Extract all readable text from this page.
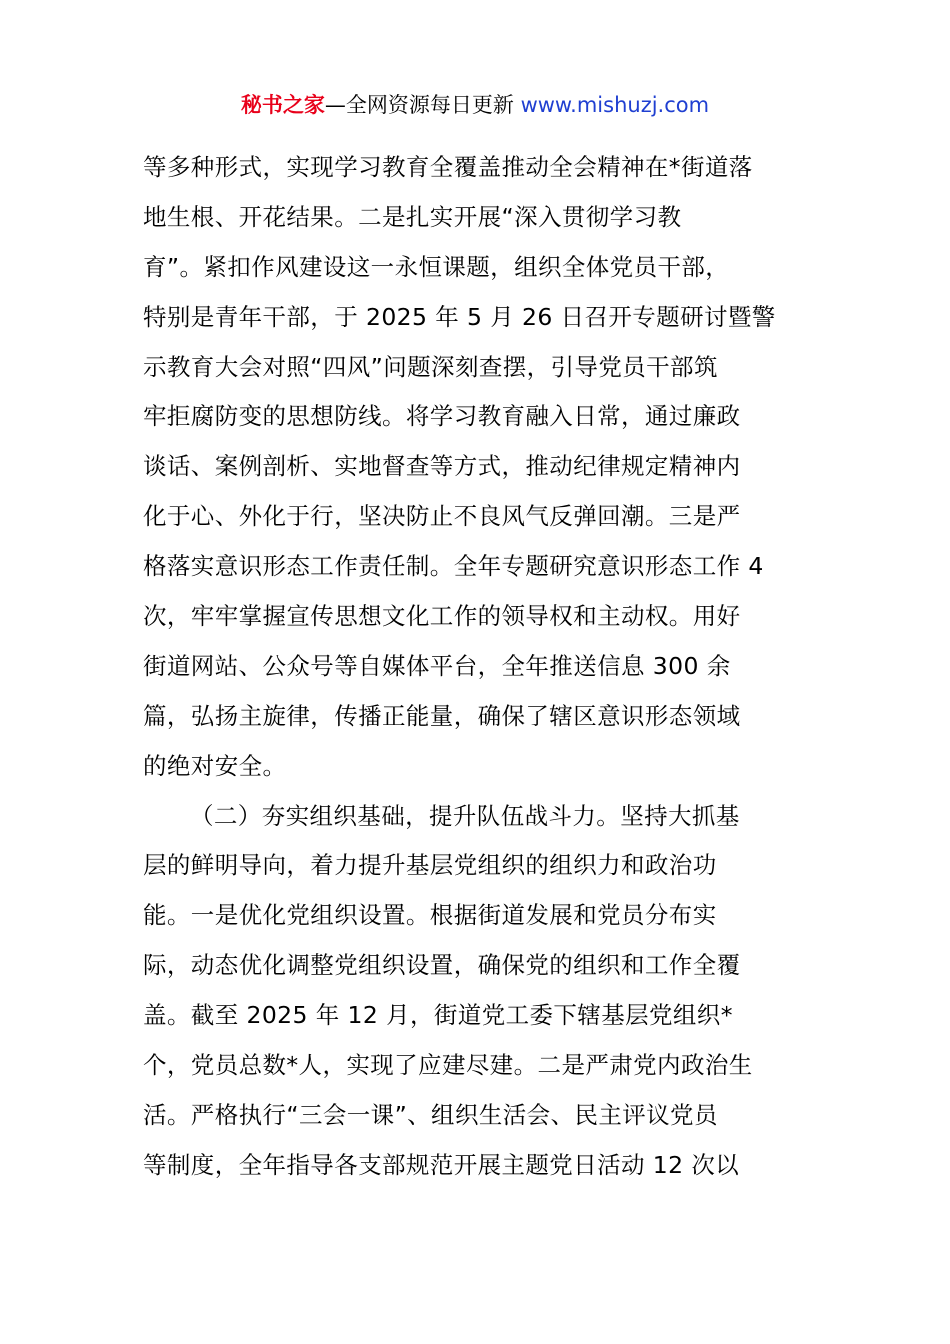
秘书之家—全网资源每日更新 www.mishuzj.com
等多种形式，实现学习教育全覆盖推动全会精神在*街道落
地生根、开花结果。二是扎实开展“深入贯彻学习教
育”。紧扣作风建设这一永恒课题，组织全体党员干部，
特别是青年干部，于 2025 年 5 月 26 日召开专题研讨暨警
示教育大会对照“四风”问题深刻查摆，引导党员干部筑
牢拒腐防变的思想防线。将学习教育融入日常，通过廉政
谈话、案例剖析、实地督查等方式，推动纪律规定精神内
化于心、外化于行，坚决防止不良风气反弹回潮。三是严
格落实意识形态工作责任制。全年专题研究意识形态工作 4
次，牢牢掌握宣传思想文化工作的领导权和主动权。用好
街道网站、公众号等自媒体平台，全年推送信息 300 余
篇，弘扬主旋律，传播正能量，确保了辖区意识形态领域
的绝对安全。
（二）夯实组织基础，提升队伍战斗力。坚持大抓基
层的鲜明导向，着力提升基层党组织的组织力和政治功
能。一是优化党组织设置。根据街道发展和党员分布实
际，动态优化调整党组织设置，确保党的组织和工作全覆
盖。截至 2025 年 12 月，街道党工委下辖基层党组织*
个，党员总数*人，实现了应建尽建。二是严肃党内政治生
活。严格执行“三会一课”、组织生活会、民主评议党员
等制度，全年指导各支部规范开展主题党日活动 12 次以
